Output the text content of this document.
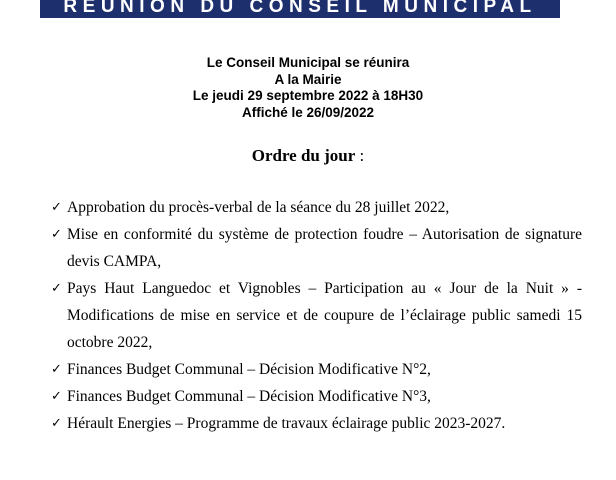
REUNION DU CONSEIL MUNICIPAL
Le Conseil Municipal se réunira
A la Mairie
Le jeudi 29 septembre 2022 à 18H30
Affiché le 26/09/2022
Ordre du jour :
✓ Approbation du procès-verbal de la séance du 28 juillet 2022,
✓ Mise en conformité du système de protection foudre – Autorisation de signature devis CAMPA,
✓ Pays Haut Languedoc et Vignobles – Participation au « Jour de la Nuit » - Modifications de mise en service et de coupure de l’éclairage public samedi 15 octobre 2022,
✓ Finances Budget Communal – Décision Modificative N°2,
✓ Finances Budget Communal – Décision Modificative N°3,
✓ Hérault Energies – Programme de travaux éclairage public 2023-2027.
